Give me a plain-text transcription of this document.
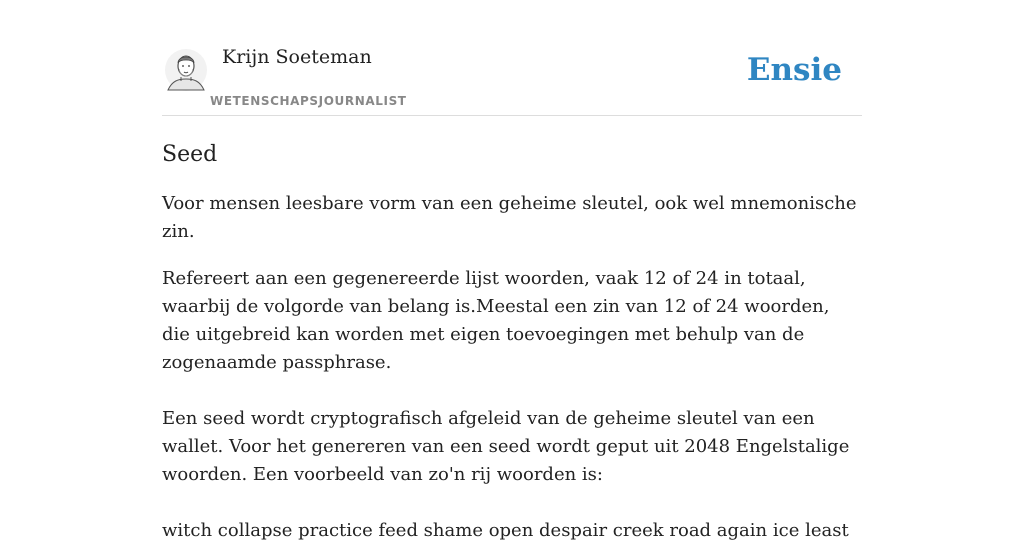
Krijn Soeteman
WETENSCHAPSJOURNALIST
Ensie
Seed

Voor mensen leesbare vorm van een geheime sleutel, ook wel mnemonische zin.

Refereert aan een gegenereerde lijst woorden, vaak 12 of 24 in totaal, waarbij de volgorde van belang is.Meestal een zin van 12 of 24 woorden, die uitgebreid kan worden met eigen toevoegingen met behulp van de zogenaamde passphrase.

Een seed wordt cryptografisch afgeleid van de geheime sleutel van een wallet. Voor het genereren van een seed wordt geput uit 2048 Engelstalige woorden. Een voorbeeld van zo'n rij woorden is:

witch collapse practice feed shame open despair creek road again ice least
